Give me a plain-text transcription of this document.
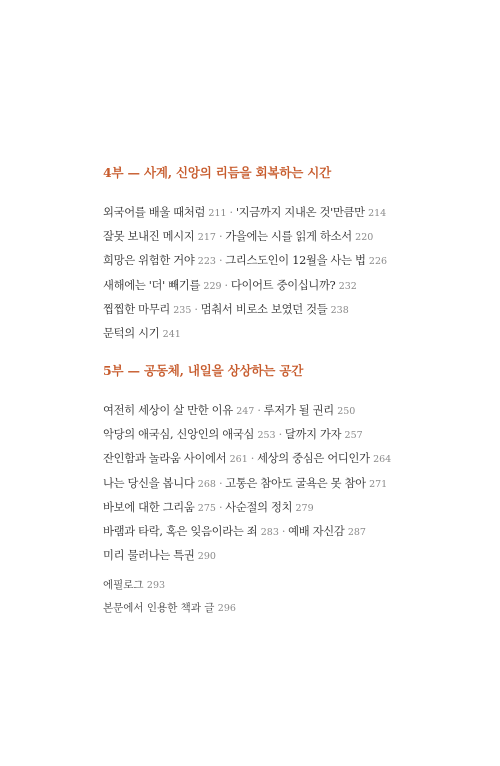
4부 — 사계, 신앙의 리듬을 회복하는 시간
외국어를 배울 때처럼 211 · '지금까지 지내온 것'만큼만 214
잘못 보내진 메시지 217 · 가을에는 시를 읽게 하소서 220
희망은 위험한 거야 223 · 그리스도인이 12월을 사는 법 226
새해에는 '더' 빼기를 229 · 다이어트 중이십니까? 232
찝찝한 마무리 235 · 멈춰서 비로소 보였던 것들 238
문턱의 시기 241
5부 — 공동체, 내일을 상상하는 공간
여전히 세상이 살 만한 이유 247 · 루저가 될 권리 250
악당의 애국심, 신앙인의 애국심 253 · 달까지 가자 257
잔인함과 놀라움 사이에서 261 · 세상의 중심은 어디인가 264
나는 당신을 봅니다 268 · 고통은 참아도 굴욕은 못 참아 271
바보에 대한 그리움 275 · 사순절의 정치 279
바램과 타락, 혹은 잊음이라는 죄 283 · 예배 자신감 287
미리 물러나는 특권 290
에필로그 293
본문에서 인용한 책과 글 296
